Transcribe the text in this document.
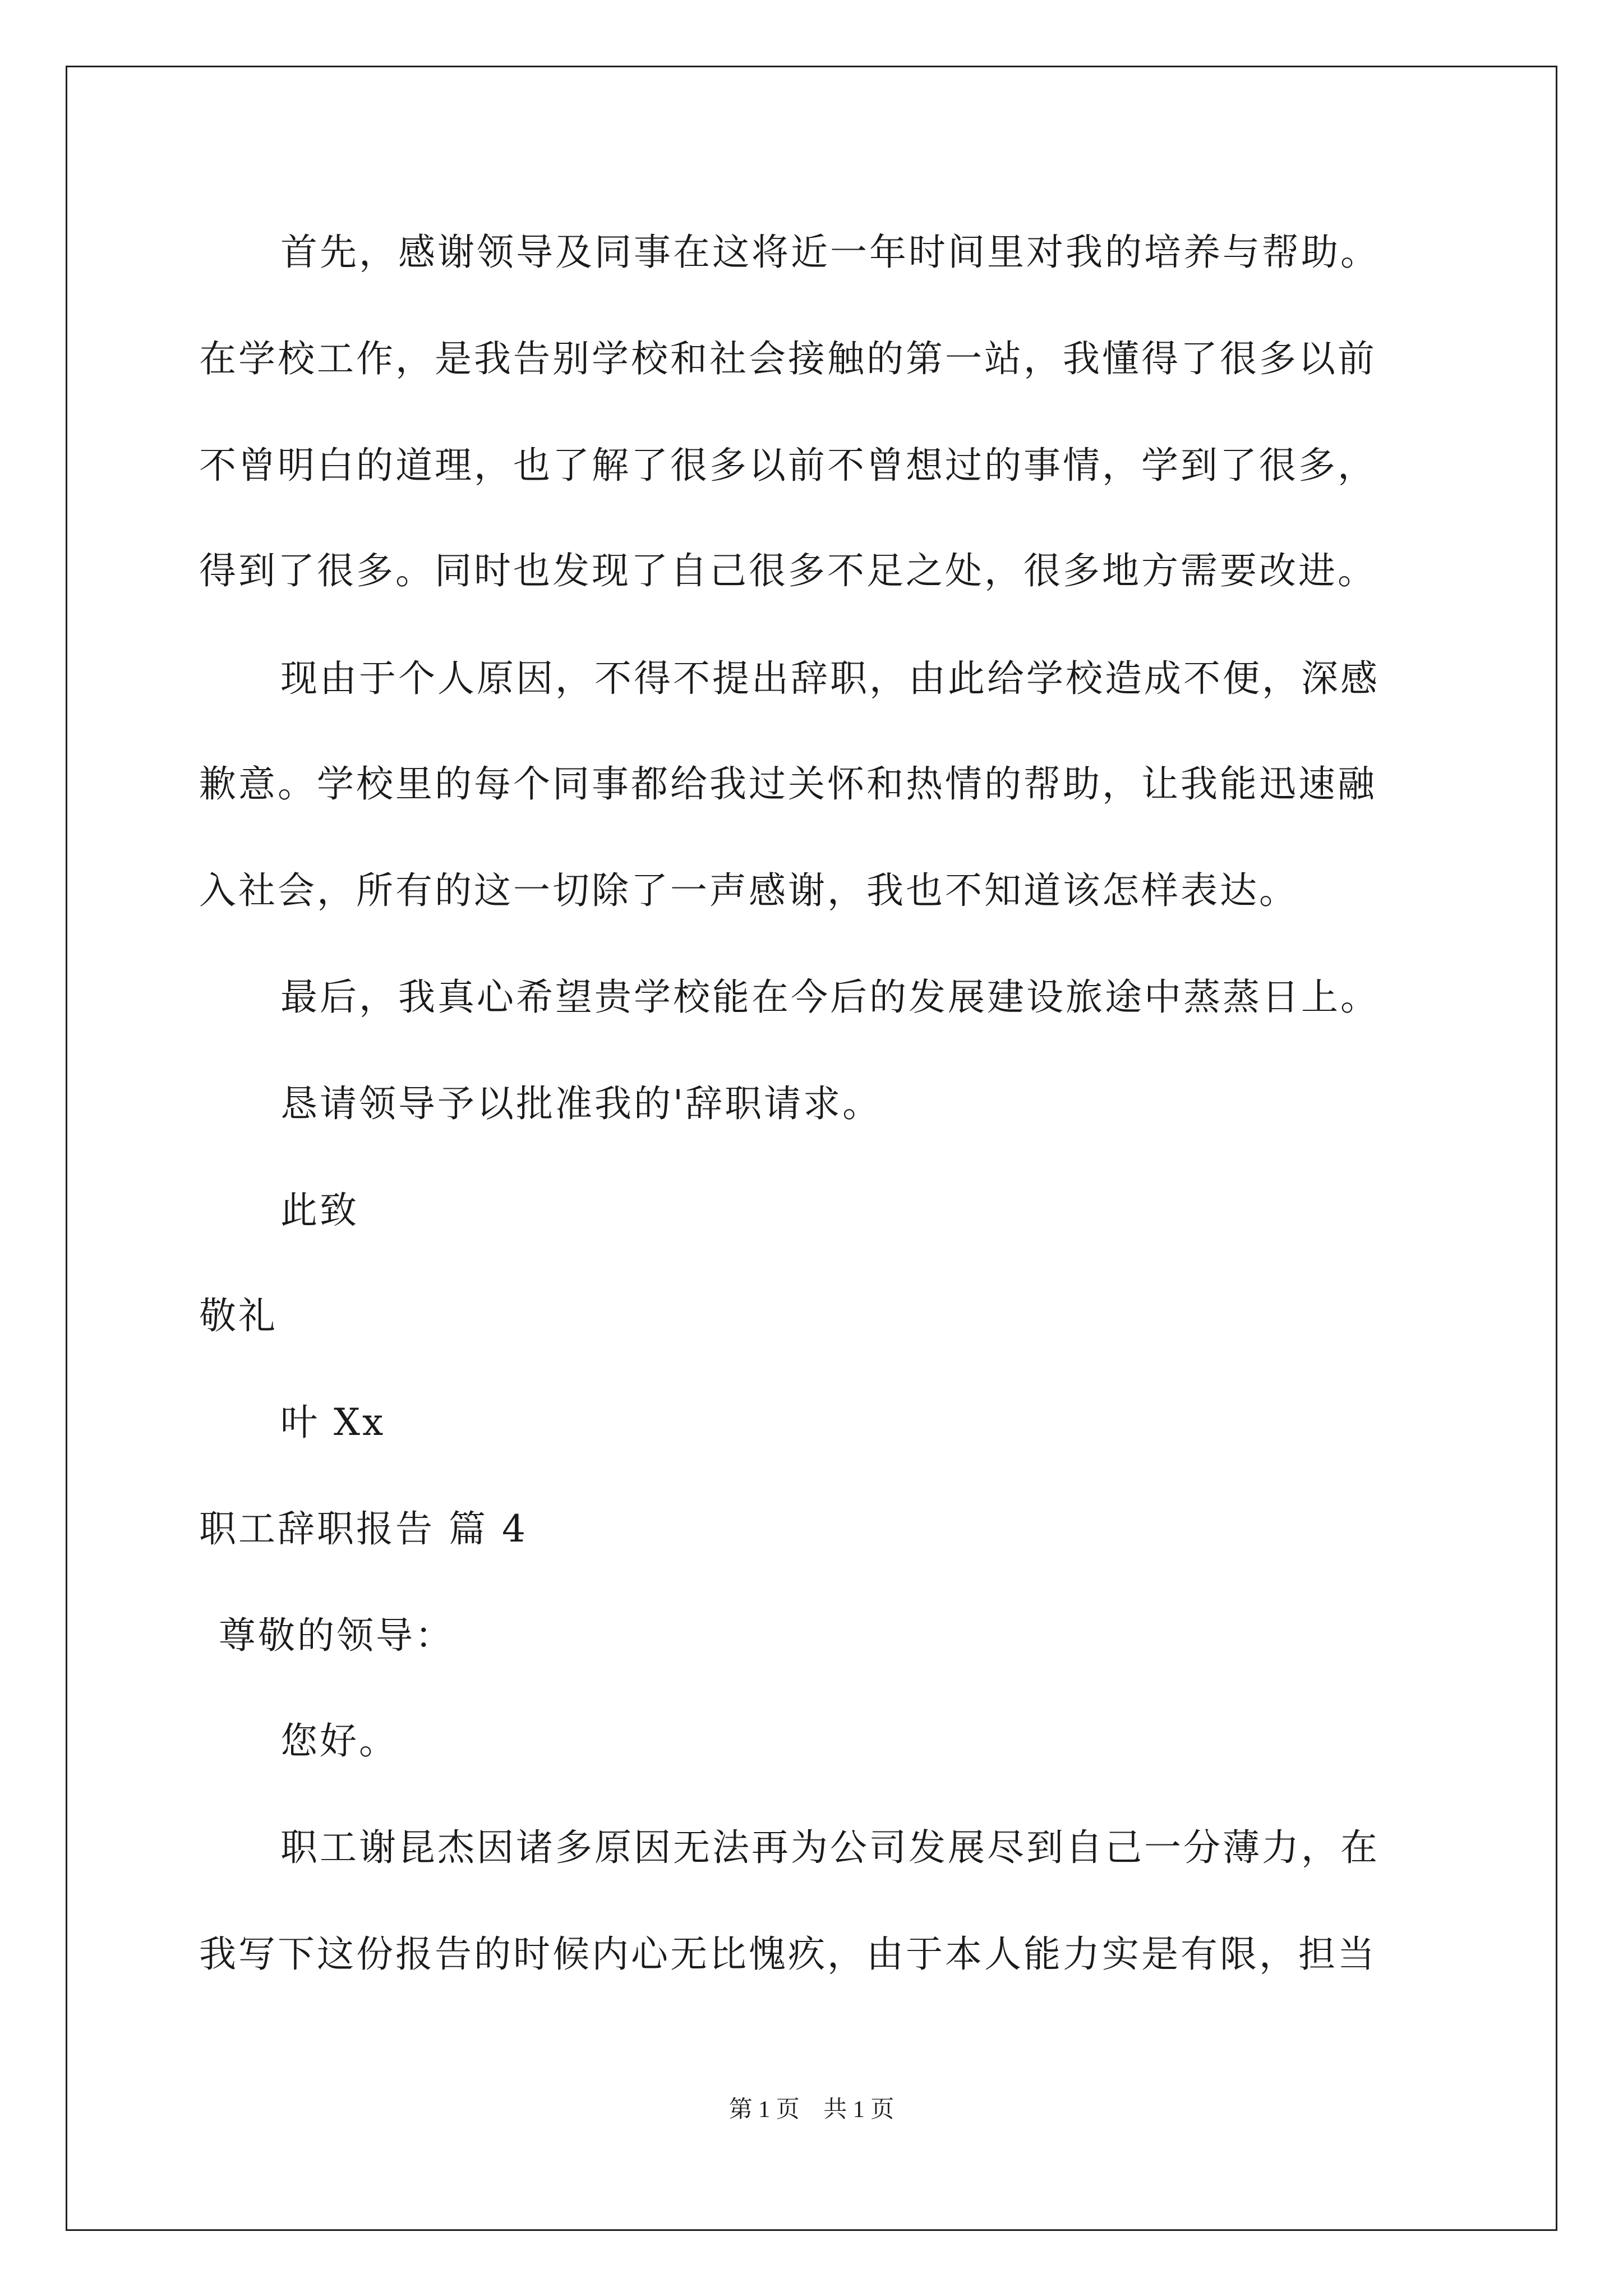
首先，感谢领导及同事在这将近一年时间里对我的培养与帮助。
在学校工作，是我告别学校和社会接触的第一站，我懂得了很多以前
不曾明白的道理，也了解了很多以前不曾想过的事情，学到了很多，
得到了很多。同时也发现了自己很多不足之处，很多地方需要改进。
现由于个人原因，不得不提出辞职，由此给学校造成不便，深感
歉意。学校里的每个同事都给我过关怀和热情的帮助，让我能迅速融
入社会，所有的这一切除了一声感谢，我也不知道该怎样表达。
最后，我真心希望贵学校能在今后的发展建设旅途中蒸蒸日上。
恳请领导予以批准我的'辞职请求。
此致
敬礼
叶 Xx
职工辞职报告 篇 4
尊敬的领导：
您好。
职工谢昆杰因诸多原因无法再为公司发展尽到自己一分薄力，在
我写下这份报告的时候内心无比愧疚，由于本人能力实是有限，担当
第 1 页 共 1 页
